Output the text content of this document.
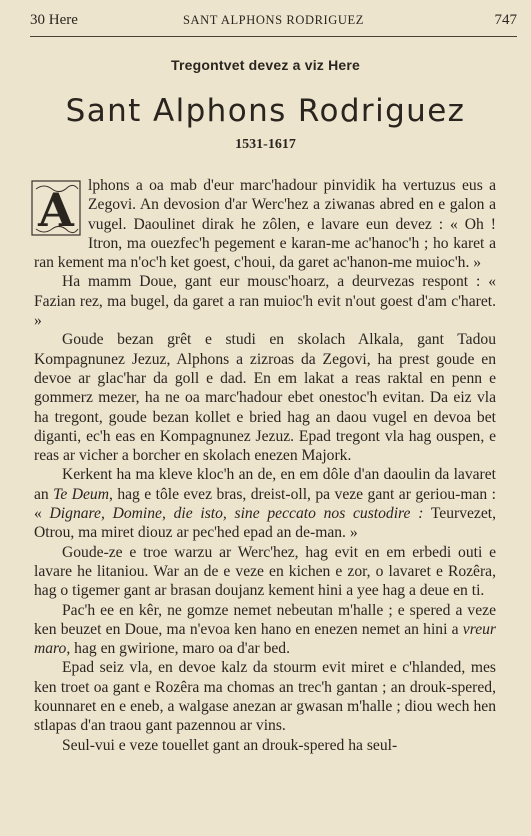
30 Here	SANT ALPHONS RODRIGUEZ	747
Tregontvet devez a viz Here
Sant Alphons Rodriguez
1531-1617

A lphons a oa mab d'eur marc'hadour pinvidik ha vertuzus eus a Zegovi. An devosion d'ar Werc'hez a ziwanas abred en e galon a vugel. Daoulinet dirak he zôlen, e lavare eun devez : « Oh ! Itron, ma ouezfec'h pegement e karan-me ac'hanoc'h ; ho karet a ran kement ma n'oc'h ket goest, c'houi, da garet ac'hanon-me muioc'h. »

Ha mamm Doue, gant eur mousc'hoarz, a deurvezas respont : « Fazian rez, ma bugel, da garet a ran muioc'h evit n'out goest d'am c'haret. »

Goude bezan grêt e studi en skolach Alkala, gant Tadou Kompagnunez Jezuz, Alphons a zizroas da Zegovi, ha prest goude en devoe ar glac'har da goll e dad. En em lakat a reas raktal en penn e gommerz mezer, ha ne oa marc'hadour ebet onestoc'h evitan. Da eiz vla ha tregont, goude bezan kollet e bried hag an daou vugel en devoa bet diganti, ec'h eas en Kompagnunez Jezuz. Epad tregont vla hag ouspen, e reas ar vicher a borcher en skolach enezen Majork.

Kerkent ha ma kleve kloc'h an de, en em dôle d'an daoulin da lavaret an Te Deum, hag e tôle evez bras, dreist-oll, pa veze gant ar geriou-man : « Dignare, Domine, die isto, sine peccato nos custodire : Teurvezet, Otrou, ma miret diouz ar pec'hed epad an de-man. »

Goude-ze e troe warzu ar Werc'hez, hag evit en em erbedi outi e lavare he litaniou. War an de e veze en kichen e zor, o lavaret e Rozêra, hag o tigemer gant ar brasan doujanz kement hini a yee hag a deue en ti.

Pac'h ee en kêr, ne gomze nemet nebeutan m'halle ; e spered a veze ken beuzet en Doue, ma n'evoa ken hano en enezen nemet an hini a vreur maro, hag en gwirione, maro oa d'ar bed.

Epad seiz vla, en devoe kalz da stourm evit miret e c'hlanded, mes ken troet oa gant e Rozêra ma chomas an trec'h gantan ; an drouk-spered, kounnaret en e eneb, a walgase anezan ar gwasan m'halle ; diou wech hen stlapas d'an traou gant pazennou ar vins.

Seul-vui e veze touellet gant an drouk-spered ha seul-
